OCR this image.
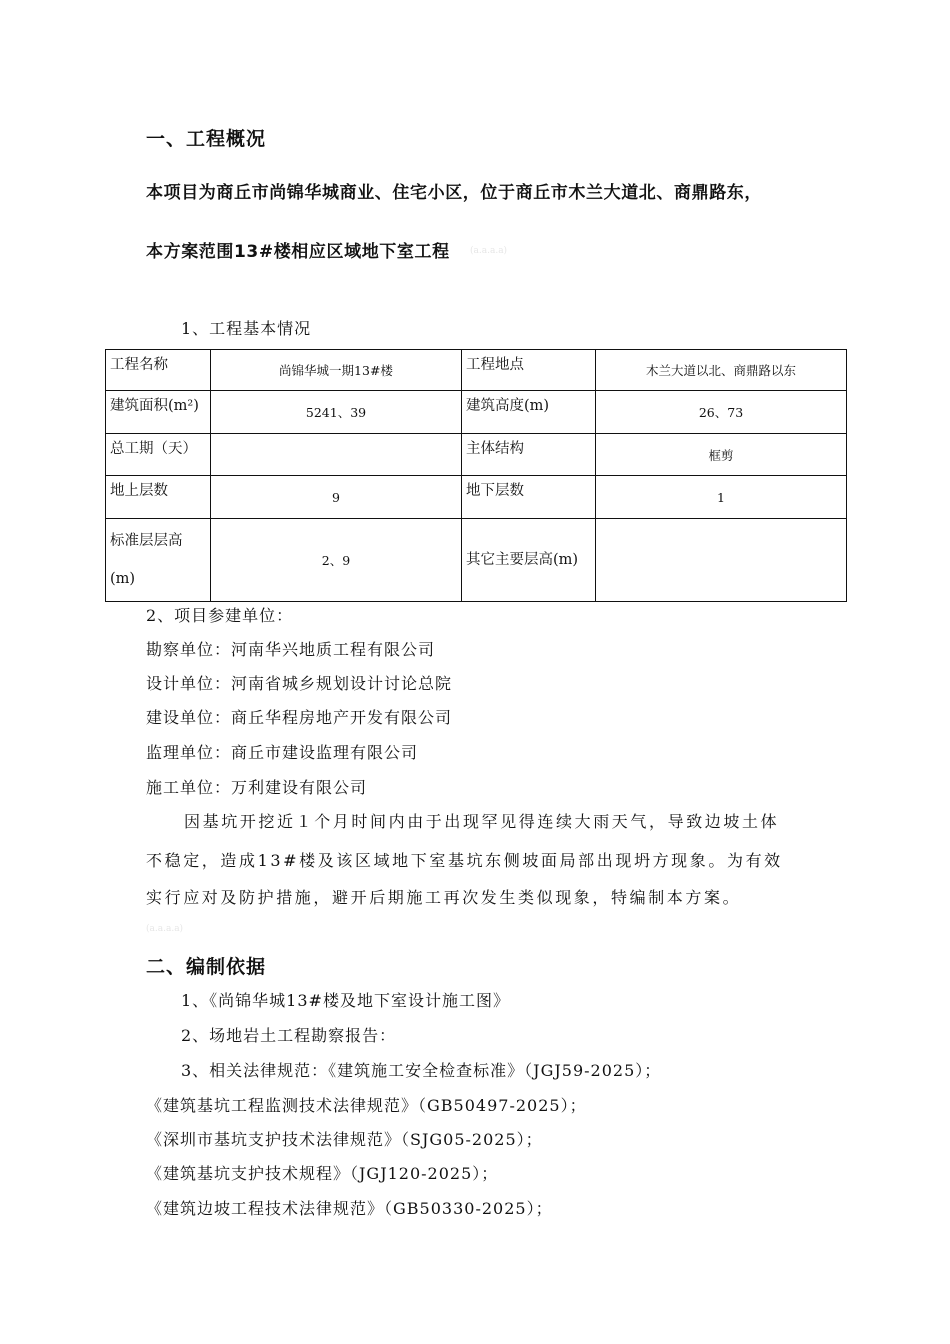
一、工程概况
本项目为商丘市尚锦华城商业、住宅小区，位于商丘市木兰大道北、商鼎路东，
本方案范围13#楼相应区域地下室工程 (a.a.a.a)
1、工程基本情况
工程名称	尚锦华城一期13#楼	工程地点	木兰大道以北、商鼎路以东
建筑面积(m²)	5241、39	建筑高度(m)	26、73
总工期（天）		主体结构	框剪
地上层数	9	地下层数	1

标准层层高
(m)	2、9	其它主要层高(m)	
2、项目参建单位：
勘察单位：河南华兴地质工程有限公司
设计单位：河南省城乡规划设计讨论总院
建设单位：商丘华程房地产开发有限公司
监理单位：商丘市建设监理有限公司
施工单位：万利建设有限公司
因基坑开挖近１个月时间内由于出现罕见得连续大雨天气，导致边坡土体
不稳定，造成13#楼及该区域地下室基坑东侧坡面局部出现坍方现象。为有效
实行应对及防护措施，避开后期施工再次发生类似现象，特编制本方案。
(a.a.a.a)
二、编制依据
1、《尚锦华城13#楼及地下室设计施工图》
2、场地岩土工程勘察报告：
3、相关法律规范：《建筑施工安全检查标准》（JGJ59-2025）；
《建筑基坑工程监测技术法律规范》（GB50497-2025）；
《深圳市基坑支护技术法律规范》（SJG05-2025）；
《建筑基坑支护技术规程》（JGJ120-2025）；
《建筑边坡工程技术法律规范》（GB50330-2025）；
